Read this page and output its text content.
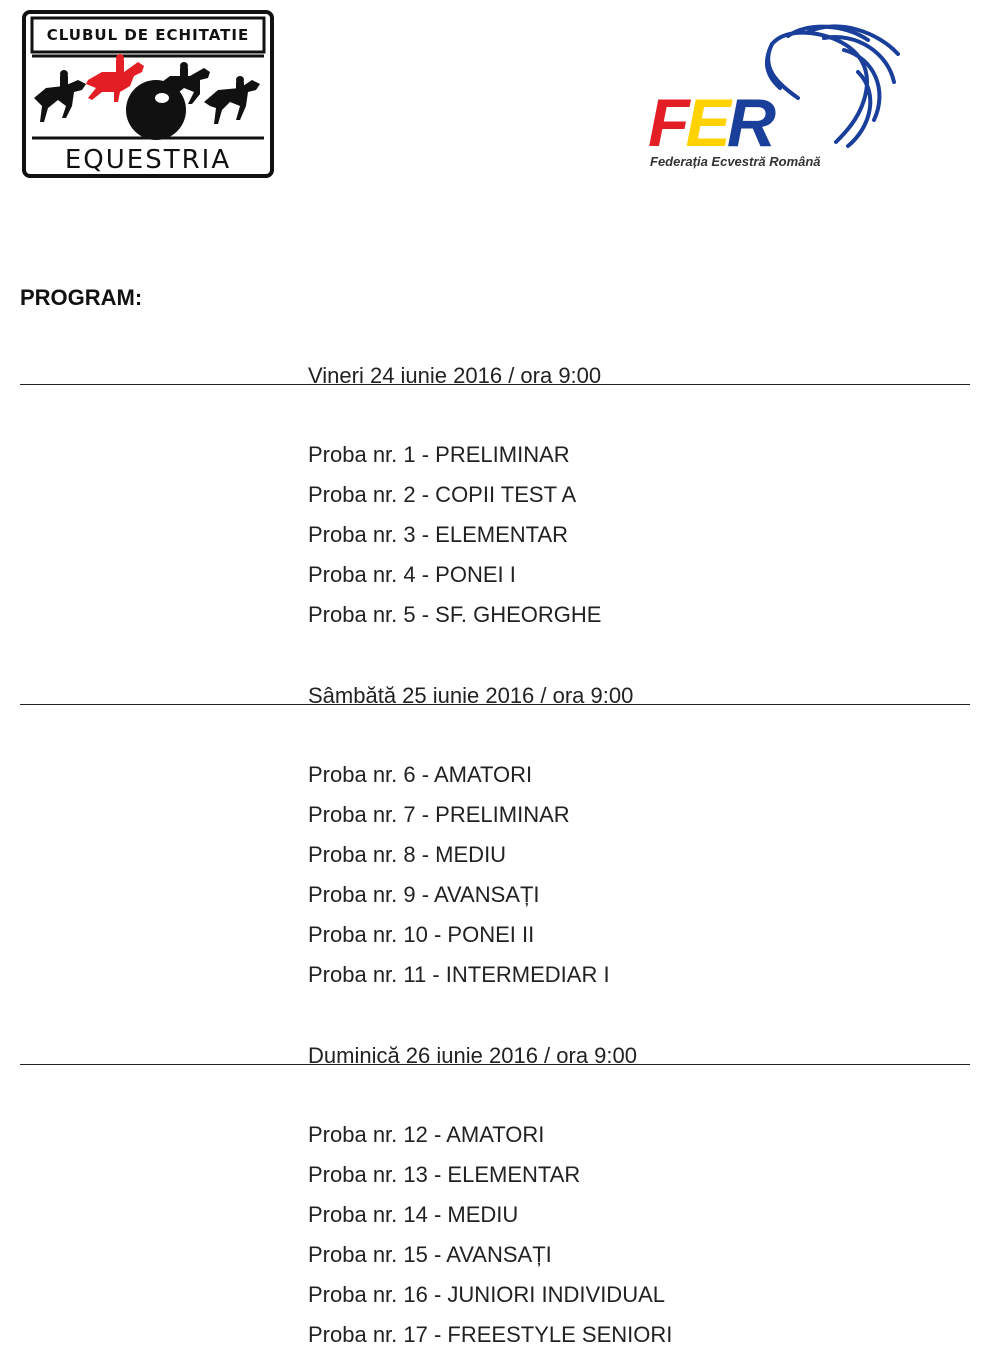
CLUBUL DE ECHITATIE
EQUESTRIA	FER
Federația Ecvestră Română
PROGRAM:
Vineri 24 iunie 2016 / ora 9:00
Proba nr. 1 - PRELIMINAR
Proba nr. 2 - COPII TEST A
Proba nr. 3 - ELEMENTAR
Proba nr. 4 - PONEI I
Proba nr. 5 - SF. GHEORGHE
Sâmbătă 25 iunie 2016 / ora 9:00
Proba nr. 6 - AMATORI
Proba nr. 7 - PRELIMINAR
Proba nr. 8 - MEDIU
Proba nr. 9 - AVANSAȚI
Proba nr. 10 - PONEI II
Proba nr. 11 - INTERMEDIAR I
Duminică 26 iunie 2016 / ora 9:00
Proba nr. 12 - AMATORI
Proba nr. 13 - ELEMENTAR
Proba nr. 14 - MEDIU
Proba nr. 15 - AVANSAȚI
Proba nr. 16 - JUNIORI INDIVIDUAL
Proba nr. 17 - FREESTYLE SENIORI
